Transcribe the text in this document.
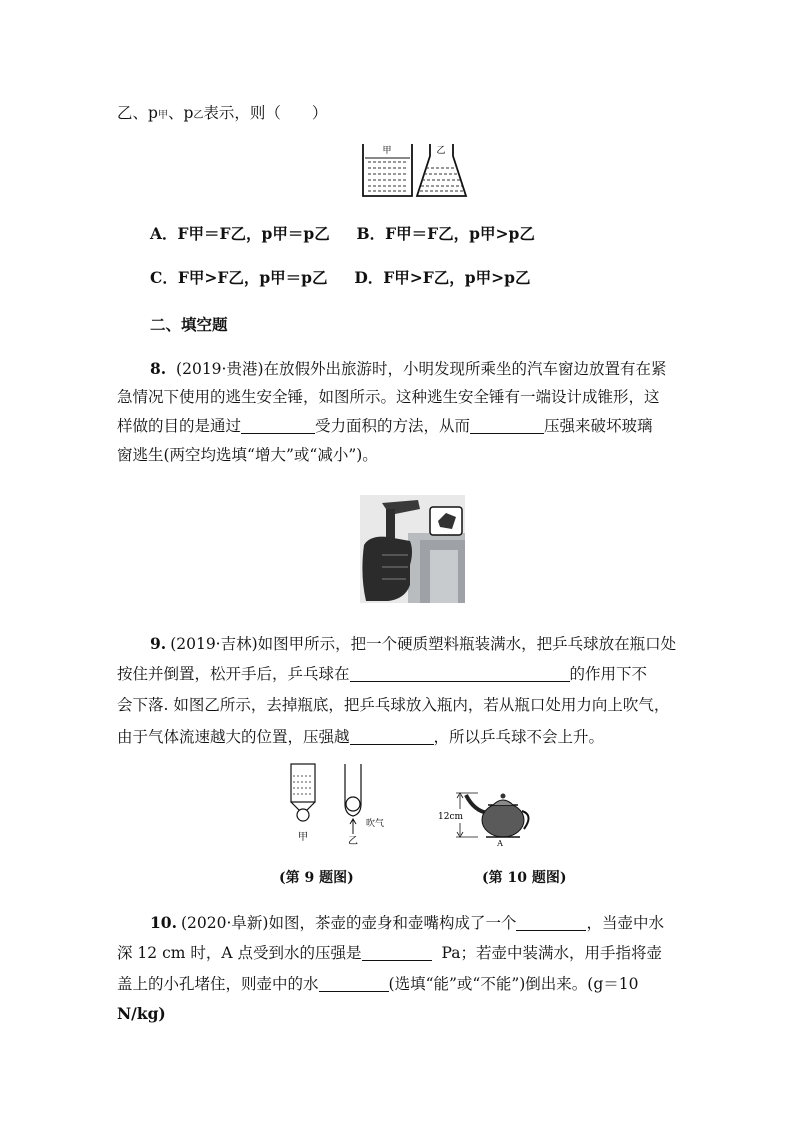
乙、p甲、p乙表示，则（　　）
甲	乙
A．F甲＝F乙，p甲＝p乙 B．F甲＝F乙，p甲>p乙
C．F甲>F乙，p甲＝p乙 D．F甲>F乙，p甲>p乙
二、填空题
8. (2019·贵港)在放假外出旅游时，小明发现所乘坐的汽车窗边放置有在紧
急情况下使用的逃生安全锤，如图所示。这种逃生安全锤有一端设计成锥形，这
样做的目的是通过	受力面积的方法，从而	压强来破坏玻璃
窗逃生(两空均选填“增大”或“减小”)。
9. (2019·吉林)如图甲所示，把一个硬质塑料瓶装满水，把乒乓球放在瓶口处
按住并倒置，松开手后，乒乓球在	的作用下不
会下落. 如图乙所示，去掉瓶底，把乒乓球放入瓶内，若从瓶口处用力向上吹气，
由于气体流速越大的位置，压强越	，所以乒乓球不会上升。
甲
吹气
乙
12cm
A
(第 9 题图)	(第 10 题图)
10. (2020·阜新)如图，茶壶的壶身和壶嘴构成了一个	，当壶中水
深 12 cm 时，A 点受到水的压强是	Pa；若壶中装满水，用手指将壶
盖上的小孔堵住，则壶中的水	(选填“能”或“不能”)倒出来。(g＝10
N/kg)
